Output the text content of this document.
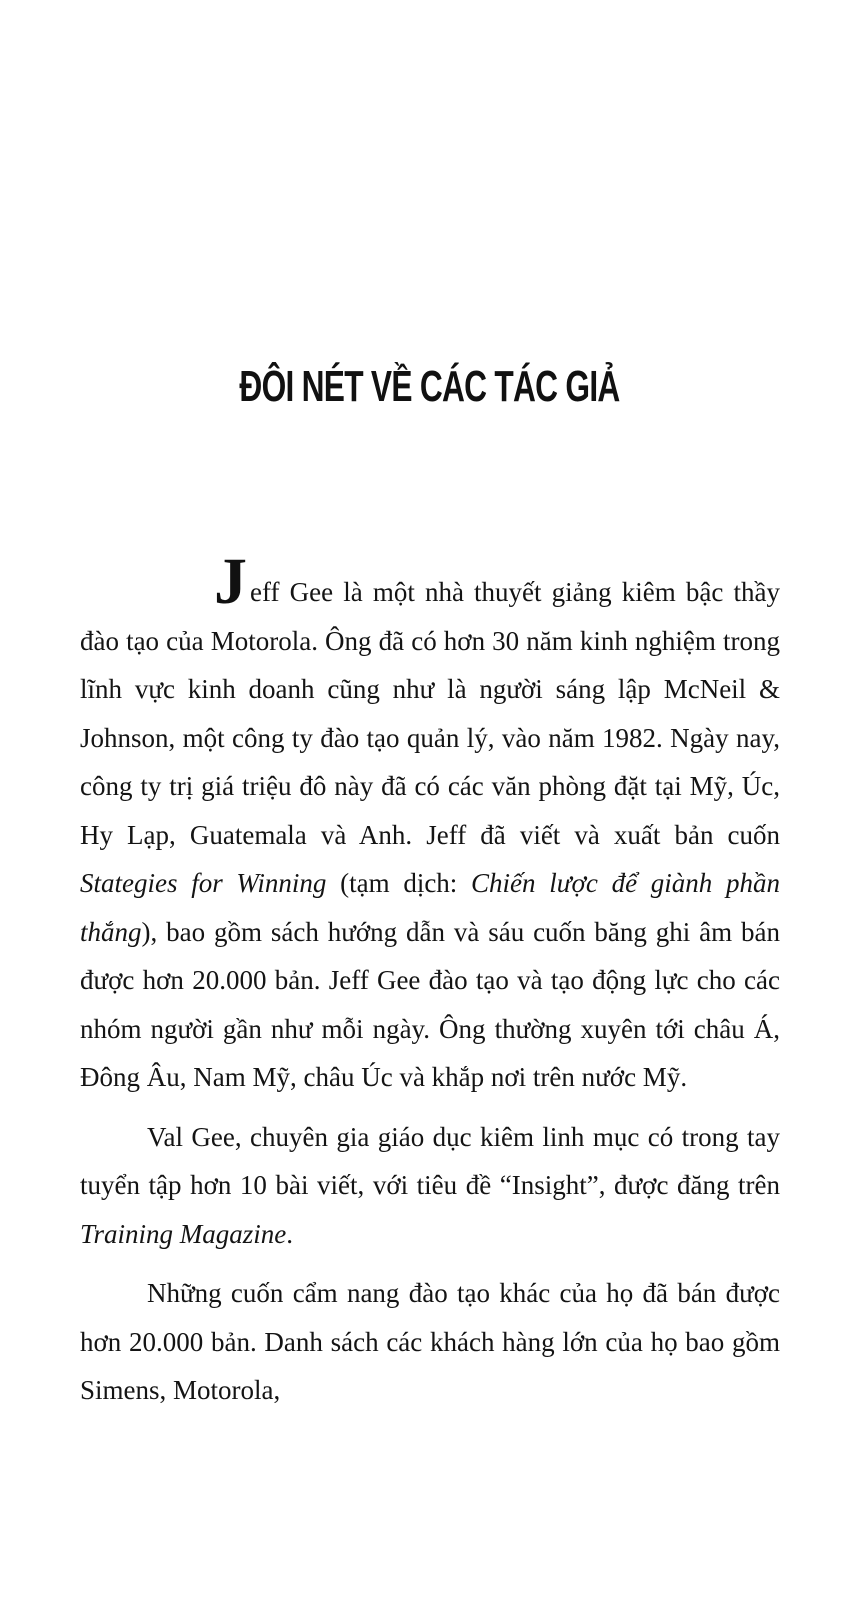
ĐÔI NÉT VỀ CÁC TÁC GIẢ

Jeff Gee là một nhà thuyết giảng kiêm bậc thầy đào tạo của Motorola. Ông đã có hơn 30 năm kinh nghiệm trong lĩnh vực kinh doanh cũng như là người sáng lập McNeil & Johnson, một công ty đào tạo quản lý, vào năm 1982. Ngày nay, công ty trị giá triệu đô này đã có các văn phòng đặt tại Mỹ, Úc, Hy Lạp, Guatemala và Anh. Jeff đã viết và xuất bản cuốn Stategies for Winning (tạm dịch: Chiến lược để giành phần thắng), bao gồm sách hướng dẫn và sáu cuốn băng ghi âm bán được hơn 20.000 bản. Jeff Gee đào tạo và tạo động lực cho các nhóm người gần như mỗi ngày. Ông thường xuyên tới châu Á, Đông Âu, Nam Mỹ, châu Úc và khắp nơi trên nước Mỹ.

Val Gee, chuyên gia giáo dục kiêm linh mục có trong tay tuyển tập hơn 10 bài viết, với tiêu đề “Insight”, được đăng trên Training Magazine.

Những cuốn cẩm nang đào tạo khác của họ đã bán được hơn 20.000 bản. Danh sách các khách hàng lớn của họ bao gồm Simens, Motorola,
